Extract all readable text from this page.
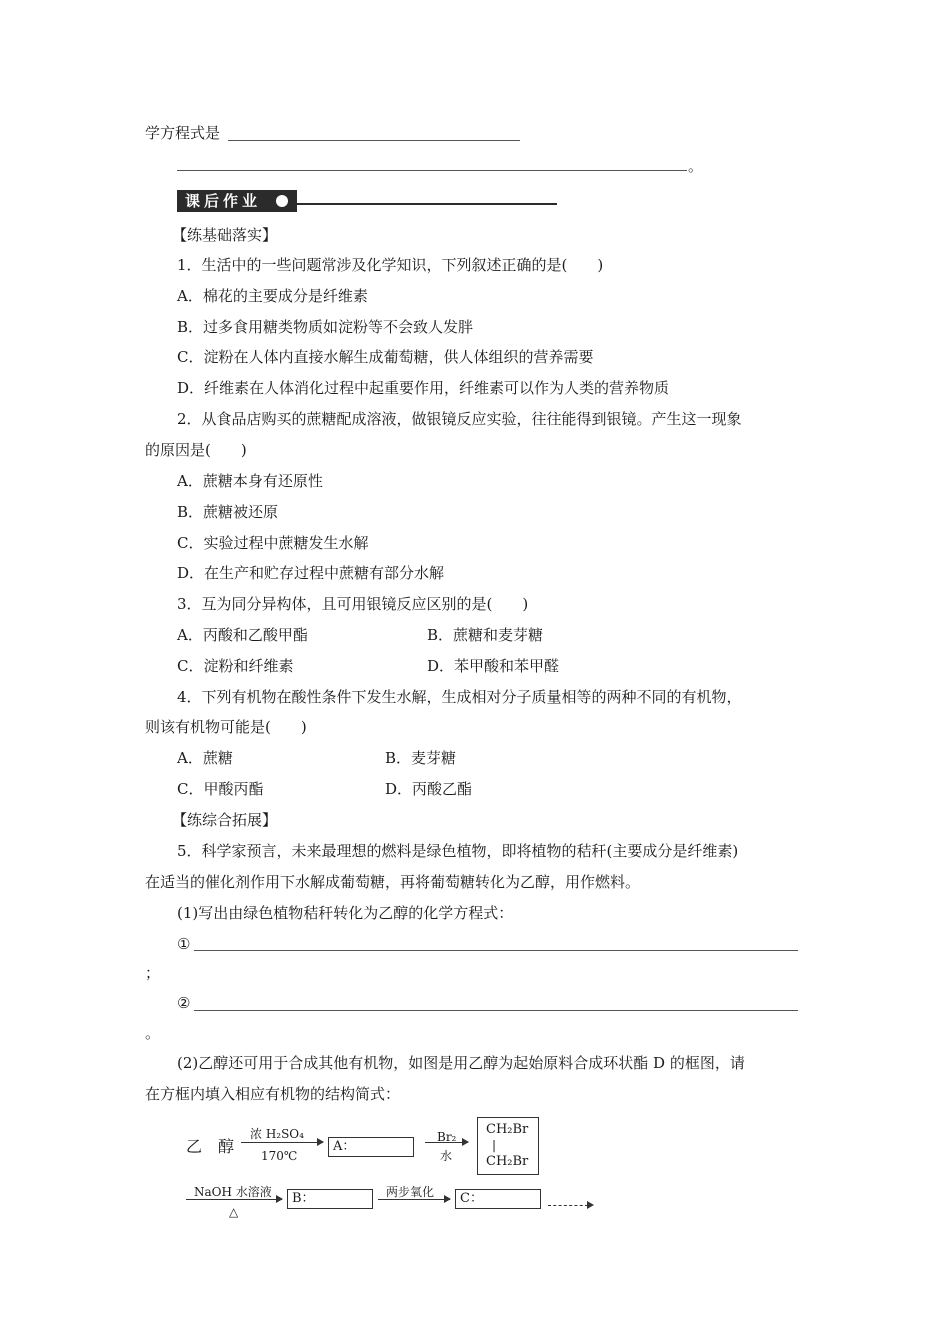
学方程式是
。
课后作业
【练基础落实】
1．生活中的一些问题常涉及化学知识，下列叙述正确的是(　　)
A．棉花的主要成分是纤维素
B．过多食用糖类物质如淀粉等不会致人发胖
C．淀粉在人体内直接水解生成葡萄糖，供人体组织的营养需要
D．纤维素在人体消化过程中起重要作用，纤维素可以作为人类的营养物质
2．从食品店购买的蔗糖配成溶液，做银镜反应实验，往往能得到银镜。产生这一现象
的原因是(　　)
A．蔗糖本身有还原性
B．蔗糖被还原
C．实验过程中蔗糖发生水解
D．在生产和贮存过程中蔗糖有部分水解
3．互为同分异构体，且可用银镜反应区别的是(　　)
A．丙酸和乙酸甲酯	B．蔗糖和麦芽糖
C．淀粉和纤维素	D．苯甲酸和苯甲醛
4．下列有机物在酸性条件下发生水解，生成相对分子质量相等的两种不同的有机物，
则该有机物可能是(　　)
A．蔗糖	B．麦芽糖
C．甲酸丙酯	D．丙酸乙酯
【练综合拓展】
5．科学家预言，未来最理想的燃料是绿色植物，即将植物的秸秆(主要成分是纤维素)
在适当的催化剂作用下水解成葡萄糖，再将葡萄糖转化为乙醇，用作燃料。
(1)写出由绿色植物秸秆转化为乙醇的化学方程式：
①
；
②
。
(2)乙醇还可用于合成其他有机物，如图是用乙醇为起始原料合成环状酯 D 的框图，请
在方框内填入相应有机物的结构简式：
乙　醇
浓 H₂SO₄
170℃
A：
Br₂
水
CH₂Br
|
CH₂Br
NaOH 水溶液
△
B：	两步氧化	C：
